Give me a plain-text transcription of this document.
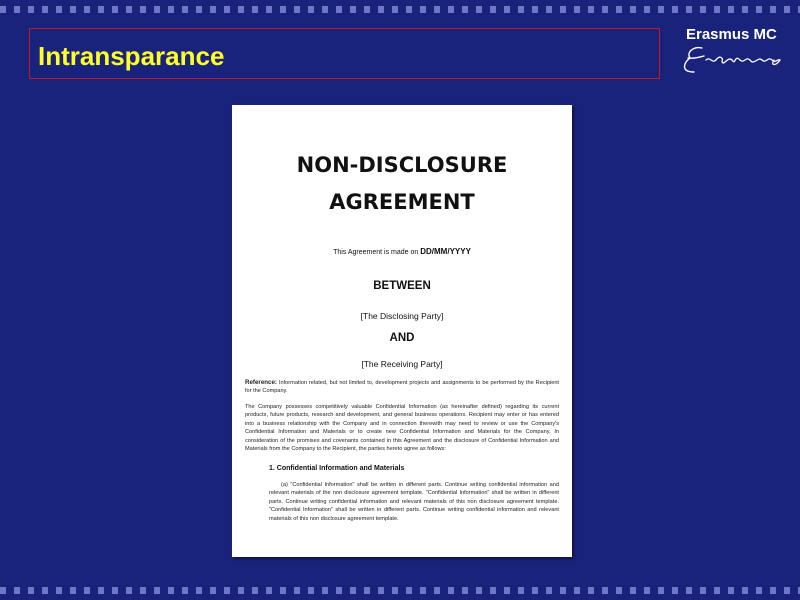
Intransparance
Erasmus MC
NON-DISCLOSURE
AGREEMENT
This Agreement is made on DD/MM/YYYY
BETWEEN
[The Disclosing Party]
AND
[The Receiving Party]
Reference: Information related, but not limited to, development projects and assignments to be performed by the Recipient for the Company.
The Company possesses competitively valuable Confidential Information (as hereinafter defined) regarding its current products, future products, research and development, and general business operations. Recipient may enter or has entered into a business relationship with the Company and in connection therewith may need to review or use the Company's Confidential Information and Materials or to create new Confidential Information and Materials for the Company. In consideration of the promises and covenants contained in this Agreement and the disclosure of Confidential Information and Materials from the Company to the Recipient, the parties hereto agree as follows:
1. Confidential Information and Materials
(a) "Confidential Information" shall be written in different parts. Continue writing confidential information and relevant materials of the non disclosure agreement template. "Confidential Information" shall be written in different parts. Continue writing confidential information and relevant materials of this non disclosure agreement template. "Confidential Information" shall be written in different parts. Continue writing confidential information and relevant materials of this non disclosure agreement template.
